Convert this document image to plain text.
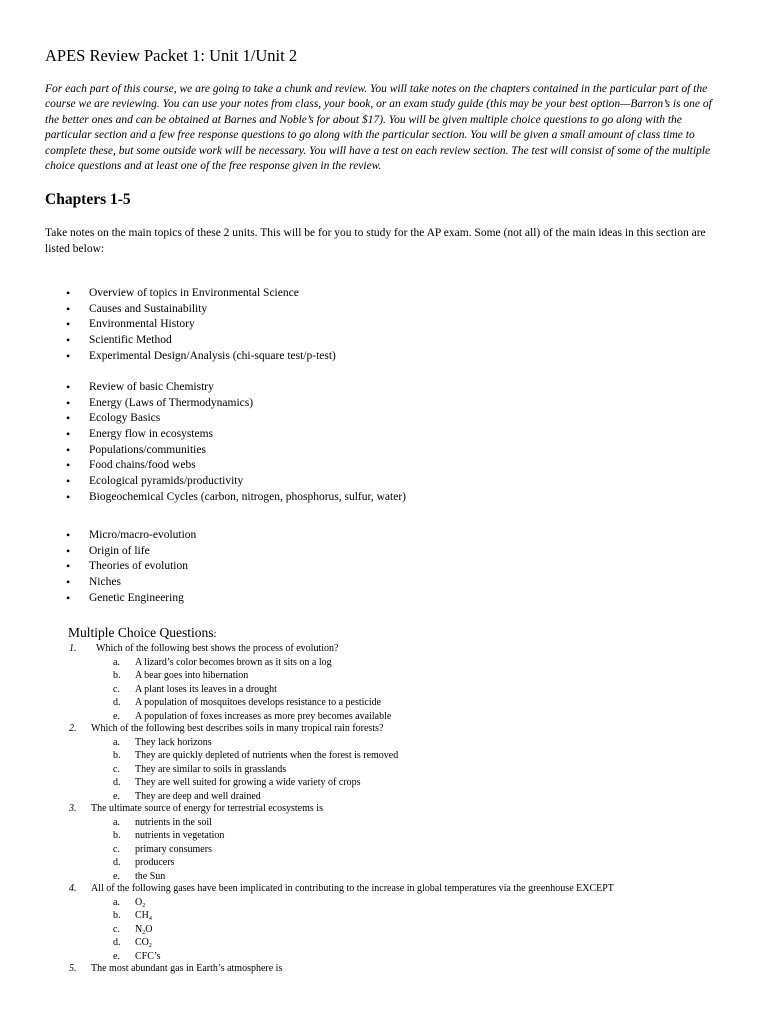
APES Review Packet 1: Unit 1/Unit 2
For each part of this course, we are going to take a chunk and review. You will take notes on the chapters contained in the particular part of the course we are reviewing. You can use your notes from class, your book, or an exam study guide (this may be your best option—Barron’s is one of the better ones and can be obtained at Barnes and Noble’s for about $17). You will be given multiple choice questions to go along with the particular section and a few free response questions to go along with the particular section. You will be given a small amount of class time to complete these, but some outside work will be necessary. You will have a test on each review section. The test will consist of some of the multiple choice questions and at least one of the free response given in the review.
Chapters 1-5
Take notes on the main topics of these 2 units. This will be for you to study for the AP exam. Some (not all) of the main ideas in this section are listed below:
• Overview of topics in Environmental Science
• Causes and Sustainability
• Environmental History
• Scientific Method
• Experimental Design/Analysis (chi-square test/p-test)
• Review of basic Chemistry
• Energy (Laws of Thermodynamics)
• Ecology Basics
• Energy flow in ecosystems
• Populations/communities
• Food chains/food webs
• Ecological pyramids/productivity
• Biogeochemical Cycles (carbon, nitrogen, phosphorus, sulfur, water)
• Micro/macro-evolution
• Origin of life
• Theories of evolution
• Niches
• Genetic Engineering
Multiple Choice Questions:
1. Which of the following best shows the process of evolution?
a. A lizard’s color becomes brown as it sits on a log
b. A bear goes into hibernation
c. A plant loses its leaves in a drought
d. A population of mosquitoes develops resistance to a pesticide
e. A population of foxes increases as more prey becomes available
2. Which of the following best describes soils in many tropical rain forests?
a. They lack horizons
b. They are quickly depleted of nutrients when the forest is removed
c. They are similar to soils in grasslands
d. They are well suited for growing a wide variety of crops
e. They are deep and well drained
3. The ultimate source of energy for terrestrial ecosystems is
a. nutrients in the soil
b. nutrients in vegetation
c. primary consumers
d. producers
e. the Sun
4. All of the following gases have been implicated in contributing to the increase in global temperatures via the greenhouse EXCEPT
a. $O_2$
b. $CH_4$
c. $N_2O$
d. $CO_2$
e. CFC’s
5. The most abundant gas in Earth’s atmosphere is
